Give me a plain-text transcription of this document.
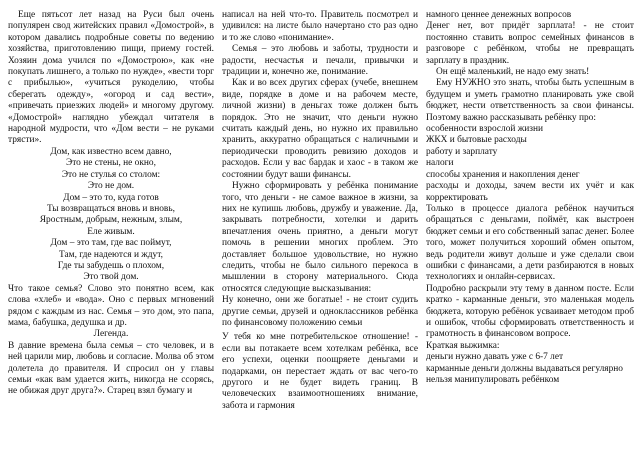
Еще пятьсот лет назад на Руси был очень популярен свод житейских правил «Домострой», в котором давались подробные советы по ведению хозяйства, приготовлению пищи, приему гостей. Хозяин дома учился по «Домострою», как «не покупать лишнего, а только по нужде», «вести торг с прибылью», «учиться рукоделию, чтобы сберегать одежду», «огород и сад вести», «привечать приезжих людей» и многому другому. «Домострой» наглядно убеждал читателя в народной мудрости, что «Дом вести – не руками трясти».

Дом, как известно всем давно,

Это не стены, не окно,

Это не стулья со столом:

Это не дом.

Дом – это то, куда готов

Ты возвращаться вновь и вновь,

Яростным, добрым, нежным, злым,

Еле живым.

Дом – это там, где вас поймут,

Там, где надеются и ждут,

Где ты забудешь о плохом,

Это твой дом.

Что такое семья? Слово это понятно всем, как слова «хлеб» и «вода». Оно с первых мгновений рядом с каждым из нас. Семья – это дом, это папа, мама, бабушка, дедушка и др.

Легенда.

В давние времена была семья – сто человек, и в ней царили мир, любовь и согласие. Молва об этом долетела до правителя. И спросил он у главы семьи «как вам удается жить, никогда не ссорясь, не обижая друг друга?». Старец взял бумагу и

написал на ней что-то. Правитель посмотрел и удивился: на листе было начертано сто раз одно и то же слово «понимание».

Семья – это любовь и заботы, трудности и радости, несчастья и печали, привычки и традиции и, конечно же, понимание.

Как и во всех других сферах (учебе, внешнем виде, порядке в доме и на рабочем месте, личной жизни) в деньгах тоже должен быть порядок. Это не значит, что деньги нужно считать каждый день, но нужно их правильно хранить, аккуратно обращаться с наличными и периодически проводить ревизию доходов и расходов. Если у вас бардак и хаос - в таком же состоянии будут ваши финансы.

Нужно сформировать у ребёнка понимание того, что деньги - не самое важное в жизни, за них не купишь любовь, дружбу и уважение. Да, закрывать потребности, хотелки и дарить впечатления очень приятно, а деньги могут помочь в решении многих проблем. Это доставляет большое удовольствие, но нужно следить, чтобы не было сильного перекоса в мышлении в сторону материального. Сюда относятся следующие высказывания:

Ну конечно, они же богатые! - не стоит судить другие семьи, друзей и одноклассников ребёнка по финансовому положению семьи

У тебя ко мне потребительское отношение! - если вы потакаете всем хотелкам ребёнка, все его успехи, оценки поощряете деньгами и подарками, он перестает ждать от вас чего-то другого и не будет видеть границ. В человеческих взаимоотношениях внимание, забота и гармония

намного ценнее денежных вопросов

Денег нет, вот придёт зарплата! - не стоит постоянно ставить вопрос семейных финансов в разговоре с ребёнком, чтобы не превращать зарплату в праздник.

Он ещё маленький, не надо ему знать!

Ему НУЖНО это знать, чтобы быть успешным в будущем и уметь грамотно планировать уже свой бюджет, нести ответственность за свои финансы. Поэтому важно рассказывать ребёнку про:

особенности взрослой жизни

ЖКХ и бытовые расходы

работу и зарплату

налоги

способы хранения и накопления денег

расходы и доходы, зачем вести их учёт и как корректировать

Только в процессе диалога ребёнок научиться обращаться с деньгами, поймёт, как выстроен бюджет семьи и его собственный запас денег. Более того, может получиться хороший обмен опытом, ведь родители живут дольше и уже сделали свои ошибки с финансами, а дети разбираются в новых технологиях и онлайн-сервисах.

Подробно раскрыли эту тему в данном посте. Если кратко - карманные деньги, это маленькая модель бюджета, которую ребёнок усваивает методом проб и ошибок, чтобы сформировать ответственность и грамотность в финансовом вопросе.

Краткая выжимка:

деньги нужно давать уже с 6-7 лет

карманные деньги должны выдаваться регулярно

нельзя манипулировать ребёнком
